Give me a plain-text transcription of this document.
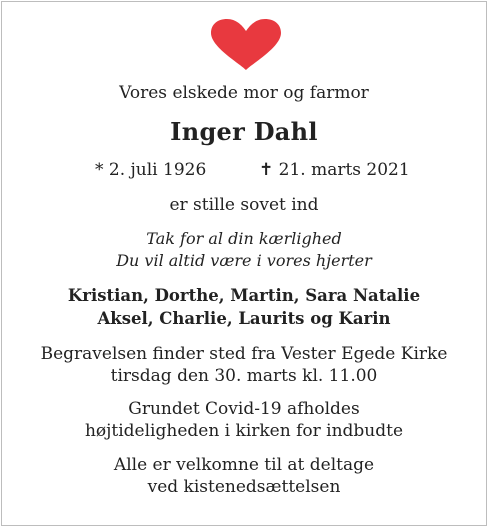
Vores elskede mor og farmor
Inger Dahl
* 2. juli 1926	✝ 21. marts 2021
er stille sovet ind
Tak for al din kærlighed
Du vil altid være i vores hjerter
Kristian, Dorthe, Martin, Sara Natalie
Aksel, Charlie, Laurits og Karin
Begravelsen finder sted fra Vester Egede Kirke
tirsdag den 30. marts kl. 11.00
Grundet Covid-19 afholdes
højtideligheden i kirken for indbudte
Alle er velkomne til at deltage
ved kistenedsættelsen
